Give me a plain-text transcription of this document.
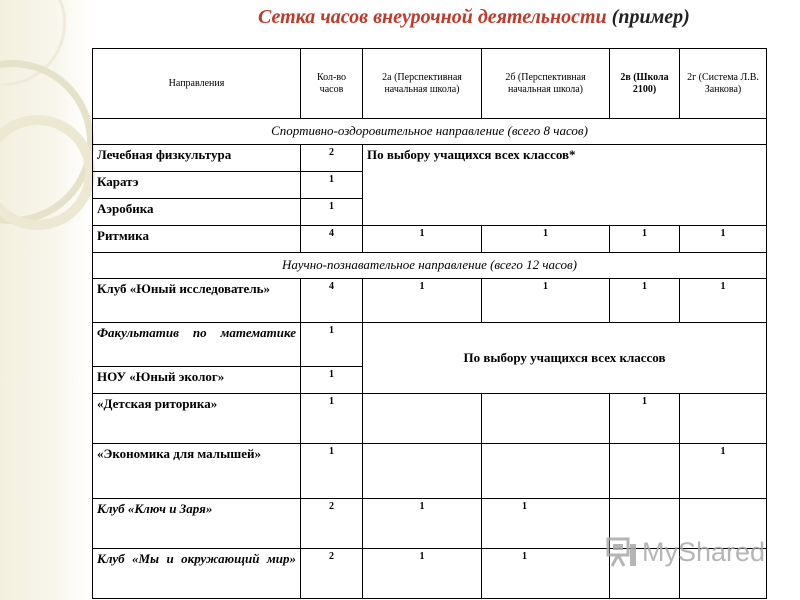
Сетка часов внеурочной деятельности (пример)
Направления	Кол-во часов	2а (Перспективная начальная школа)	2б (Перспективная начальная школа)	2в (Школа 2100)	2г (Система Л.В. Занкова)
Спортивно-оздоровительное направление (всего 8 часов)					
Лечебная физкультура	2	По выбору учащихся всех классов*			
Каратэ	1				
Аэробика	1				
Ритмика	4	1	1	1	1
Научно-познавательное направление (всего 12 часов)					
Клуб «Юный исследователь»	4	1	1	1	1
Факультатив по математике	1	По выбору учащихся всех классов			
НОУ «Юный эколог»	1				
«Детская риторика»	1			1	
«Экономика для малышей»	1				1
Клуб «Ключ и Заря»	2	1	1		
Клуб «Мы и окружающий мир»	2	1	1			MyShared
